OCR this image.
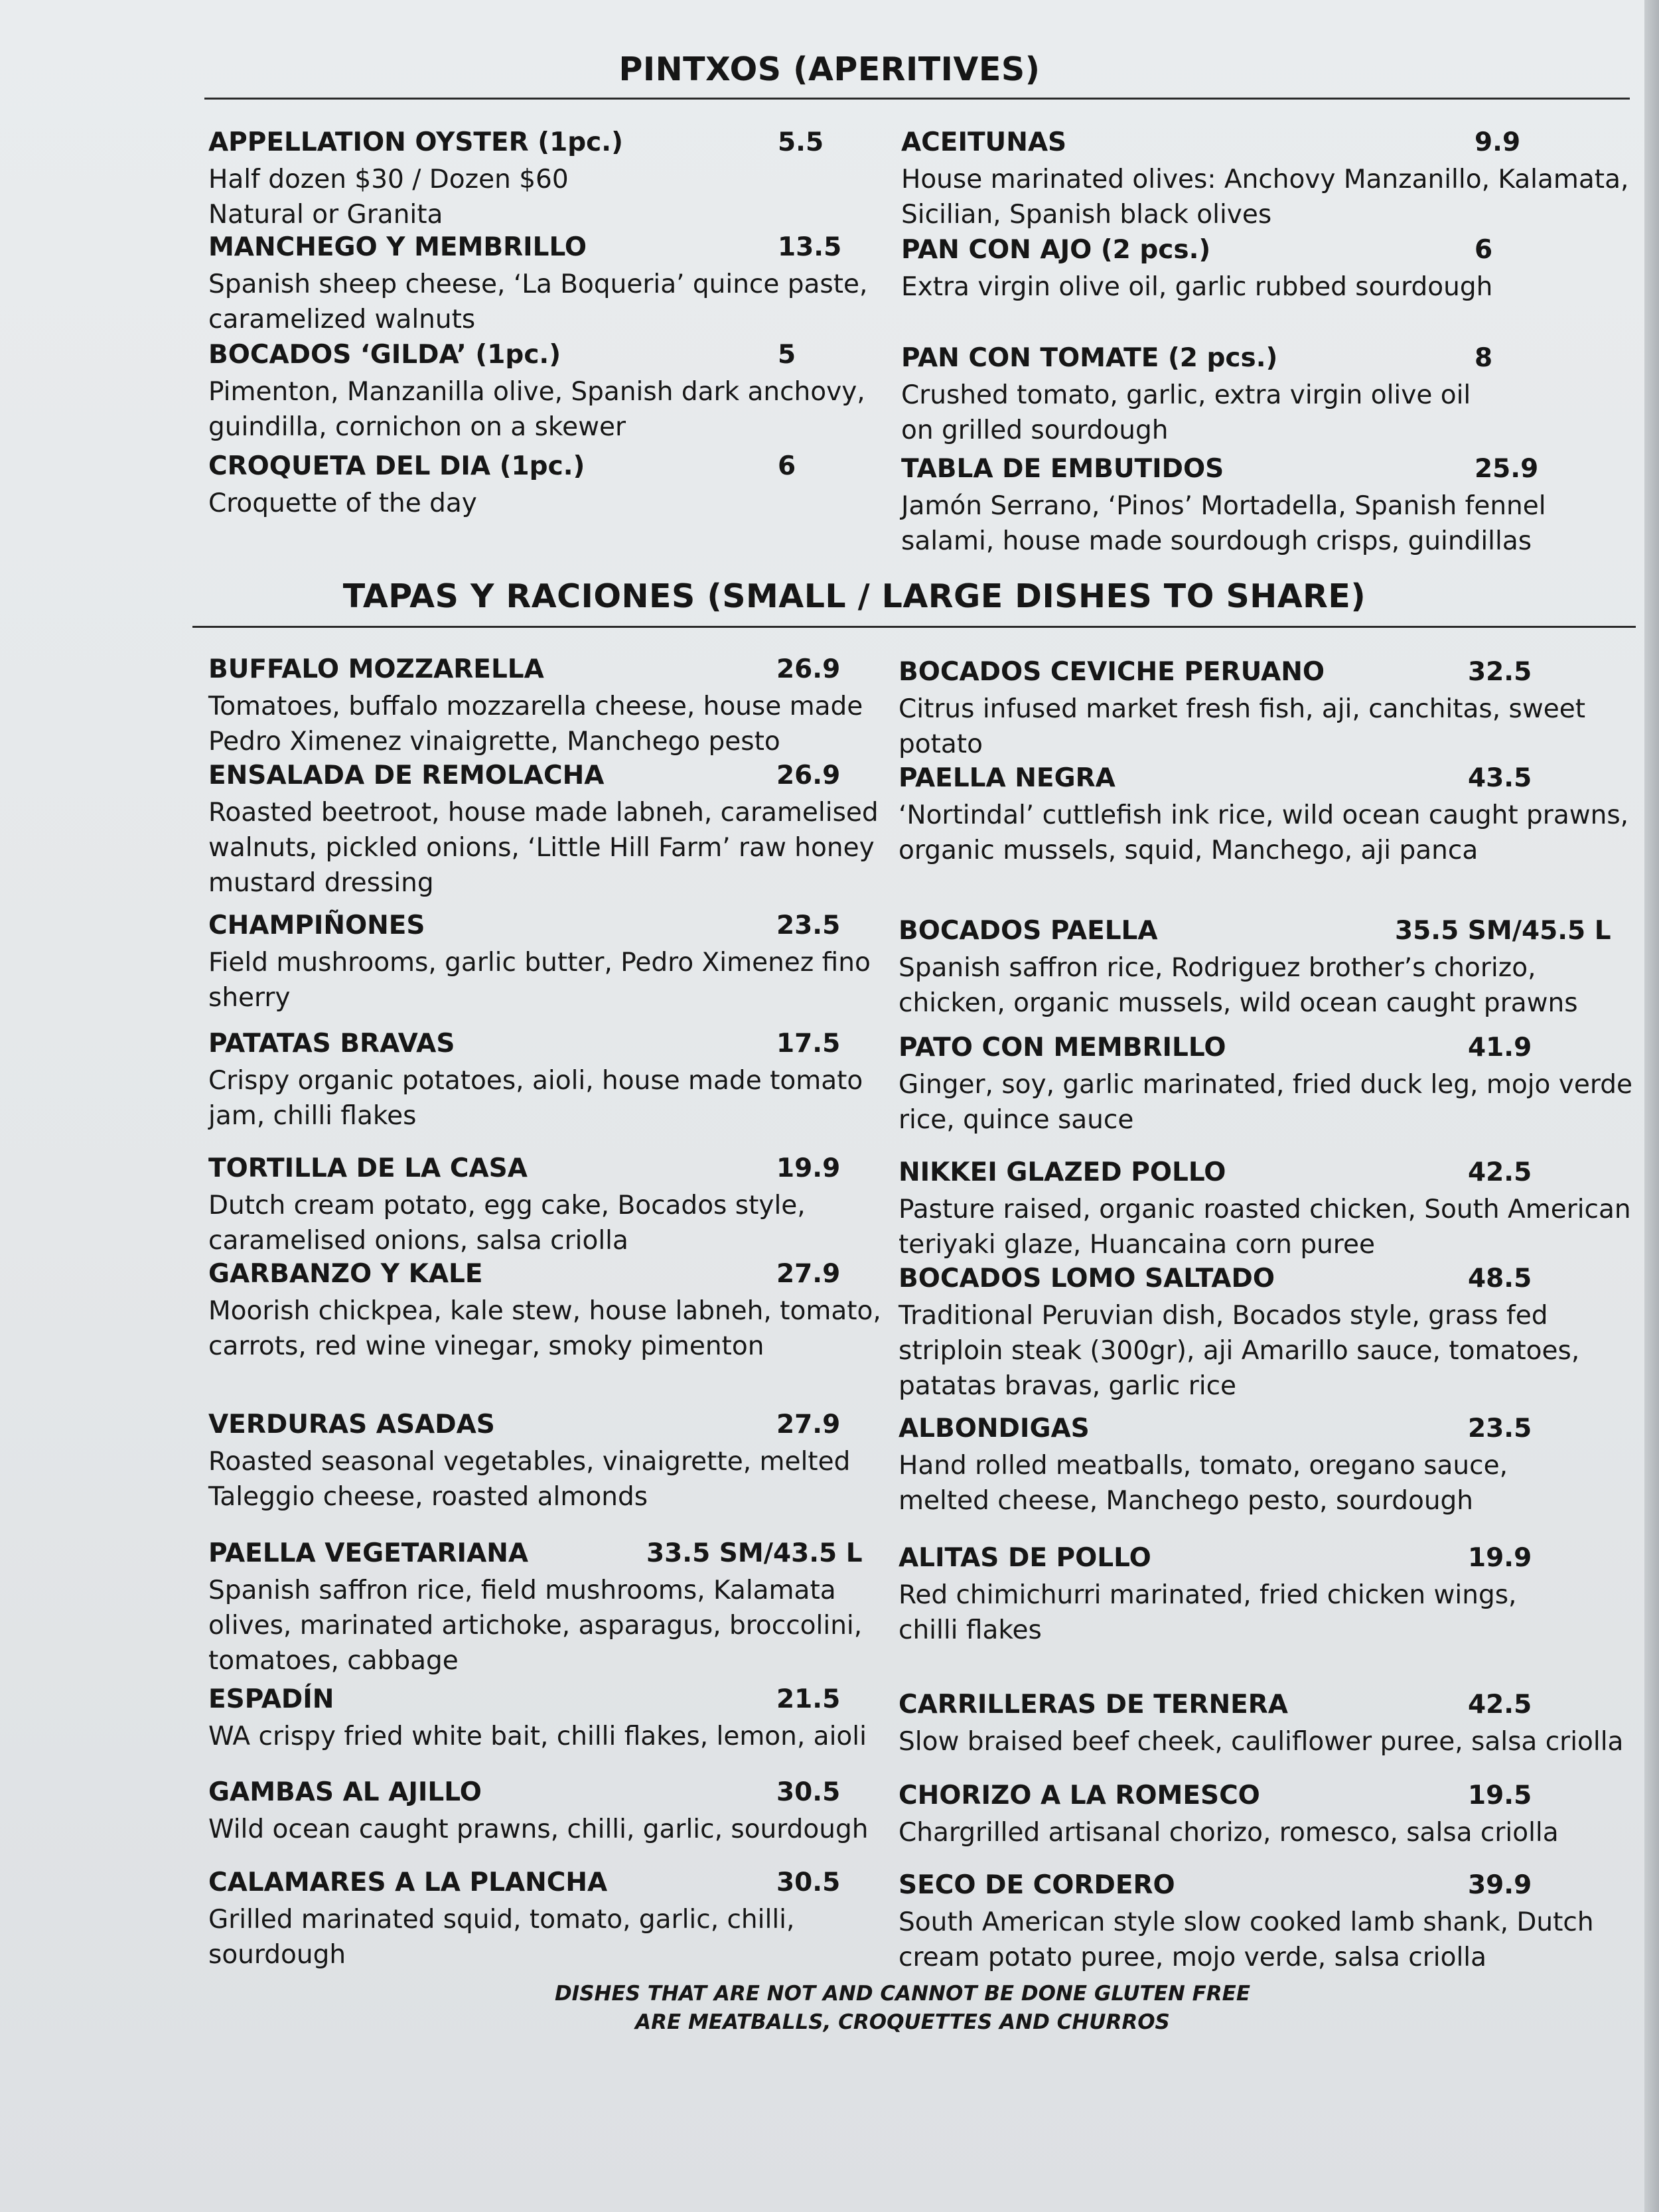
PINTXOS (APERITIVES)
APPELLATION OYSTER (1pc.)	5.5
Half dozen $30 / Dozen $60
Natural or Granita
MANCHEGO Y MEMBRILLO	13.5
Spanish sheep cheese, ‘La Boqueria’ quince paste,
caramelized walnuts
BOCADOS ‘GILDA’ (1pc.)	5
Pimenton, Manzanilla olive, Spanish dark anchovy,
guindilla, cornichon on a skewer
CROQUETA DEL DIA (1pc.)	6
Croquette of the day
ACEITUNAS	9.9
House marinated olives: Anchovy Manzanillo, Kalamata,
Sicilian, Spanish black olives
PAN CON AJO (2 pcs.)	6
Extra virgin olive oil, garlic rubbed sourdough
PAN CON TOMATE (2 pcs.)	8
Crushed tomato, garlic, extra virgin olive oil
on grilled sourdough
TABLA DE EMBUTIDOS	25.9
Jamón Serrano, ‘Pinos’ Mortadella, Spanish fennel
salami, house made sourdough crisps, guindillas
TAPAS Y RACIONES (SMALL / LARGE DISHES TO SHARE)
BUFFALO MOZZARELLA	26.9
Tomatoes, buffalo mozzarella cheese, house made
Pedro Ximenez vinaigrette, Manchego pesto
ENSALADA DE REMOLACHA	26.9
Roasted beetroot, house made labneh, caramelised
walnuts, pickled onions, ‘Little Hill Farm’ raw honey
mustard dressing
CHAMPIÑONES	23.5
Field mushrooms, garlic butter, Pedro Ximenez fino
sherry
PATATAS BRAVAS	17.5
Crispy organic potatoes, aioli, house made tomato
jam, chilli flakes
TORTILLA DE LA CASA	19.9
Dutch cream potato, egg cake, Bocados style,
caramelised onions, salsa criolla
GARBANZO Y KALE	27.9
Moorish chickpea, kale stew, house labneh, tomato,
carrots, red wine vinegar, smoky pimenton
VERDURAS ASADAS	27.9
Roasted seasonal vegetables, vinaigrette, melted
Taleggio cheese, roasted almonds
PAELLA VEGETARIANA	33.5 SM/43.5 L
Spanish saffron rice, field mushrooms, Kalamata
olives, marinated artichoke, asparagus, broccolini,
tomatoes, cabbage
ESPADÍN	21.5
WA crispy fried white bait, chilli flakes, lemon, aioli
GAMBAS AL AJILLO	30.5
Wild ocean caught prawns, chilli, garlic, sourdough
CALAMARES A LA PLANCHA	30.5
Grilled marinated squid, tomato, garlic, chilli,
sourdough
BOCADOS CEVICHE PERUANO	32.5
Citrus infused market fresh fish, aji, canchitas, sweet
potato
PAELLA NEGRA	43.5
‘Nortindal’ cuttlefish ink rice, wild ocean caught prawns,
organic mussels, squid, Manchego, aji panca
BOCADOS PAELLA	35.5 SM/45.5 L
Spanish saffron rice, Rodriguez brother’s chorizo,
chicken, organic mussels, wild ocean caught prawns
PATO CON MEMBRILLO	41.9
Ginger, soy, garlic marinated, fried duck leg, mojo verde
rice, quince sauce
NIKKEI GLAZED POLLO	42.5
Pasture raised, organic roasted chicken, South American
teriyaki glaze, Huancaina corn puree
BOCADOS LOMO SALTADO	48.5
Traditional Peruvian dish, Bocados style, grass fed
striploin steak (300gr), aji Amarillo sauce, tomatoes,
patatas bravas, garlic rice
ALBONDIGAS	23.5
Hand rolled meatballs, tomato, oregano sauce,
melted cheese, Manchego pesto, sourdough
ALITAS DE POLLO	19.9
Red chimichurri marinated, fried chicken wings,
chilli flakes
CARRILLERAS DE TERNERA	42.5
Slow braised beef cheek, cauliflower puree, salsa criolla
CHORIZO A LA ROMESCO	19.5
Chargrilled artisanal chorizo, romesco, salsa criolla
SECO DE CORDERO	39.9
South American style slow cooked lamb shank, Dutch
cream potato puree, mojo verde, salsa criolla
DISHES THAT ARE NOT AND CANNOT BE DONE GLUTEN FREE
ARE MEATBALLS, CROQUETTES AND CHURROS
